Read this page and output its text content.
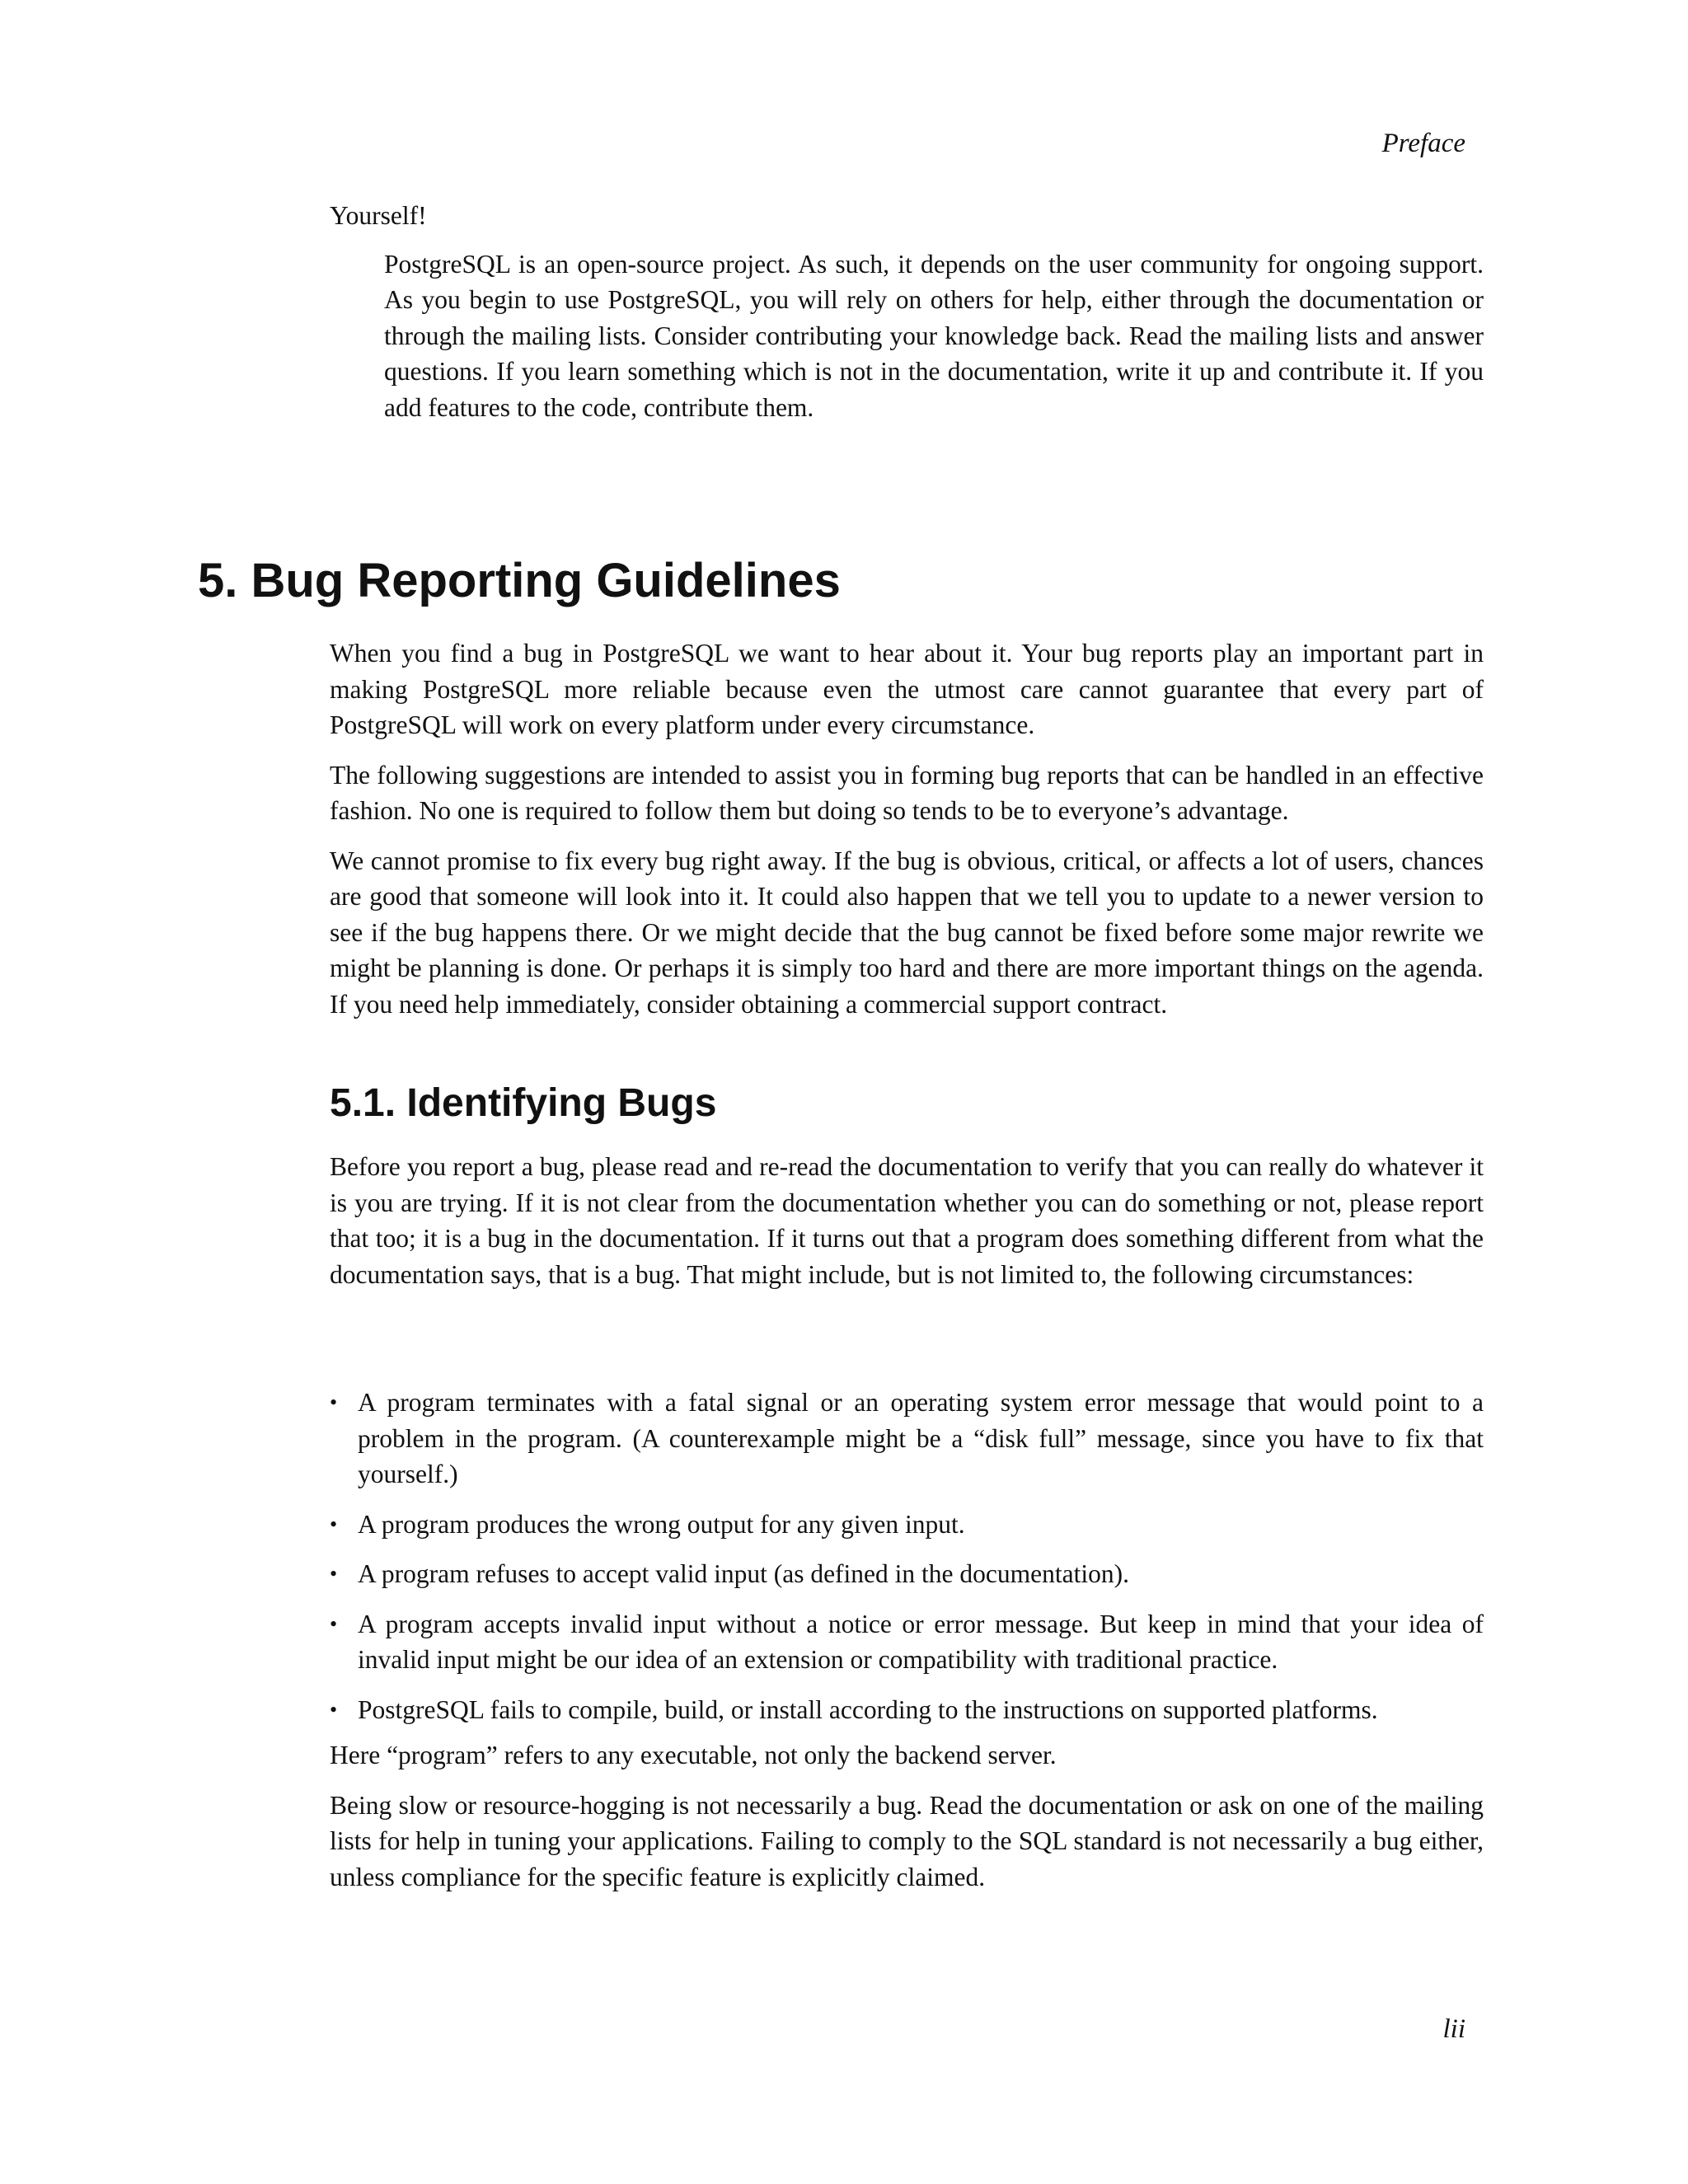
Preface

Yourself!

PostgreSQL is an open-source project. As such, it depends on the user community for ongoing support. As you begin to use PostgreSQL, you will rely on others for help, either through the documentation or through the mailing lists. Consider contributing your knowledge back. Read the mailing lists and answer questions. If you learn something which is not in the documentation, write it up and contribute it. If you add features to the code, contribute them.

5. Bug Reporting Guidelines

When you find a bug in PostgreSQL we want to hear about it. Your bug reports play an important part in making PostgreSQL more reliable because even the utmost care cannot guarantee that every part of PostgreSQL will work on every platform under every circumstance.

The following suggestions are intended to assist you in forming bug reports that can be handled in an effective fashion. No one is required to follow them but doing so tends to be to everyone’s advantage.

We cannot promise to fix every bug right away. If the bug is obvious, critical, or affects a lot of users, chances are good that someone will look into it. It could also happen that we tell you to update to a newer version to see if the bug happens there. Or we might decide that the bug cannot be fixed before some major rewrite we might be planning is done. Or perhaps it is simply too hard and there are more important things on the agenda. If you need help immediately, consider obtaining a commercial support contract.

5.1. Identifying Bugs

Before you report a bug, please read and re-read the documentation to verify that you can really do whatever it is you are trying. If it is not clear from the documentation whether you can do something or not, please report that too; it is a bug in the documentation. If it turns out that a program does something different from what the documentation says, that is a bug. That might include, but is not limited to, the following circumstances:

• A program terminates with a fatal signal or an operating system error message that would point to a problem in the program. (A counterexample might be a “disk full” message, since you have to fix that yourself.)
• A program produces the wrong output for any given input.
• A program refuses to accept valid input (as defined in the documentation).
• A program accepts invalid input without a notice or error message. But keep in mind that your idea of invalid input might be our idea of an extension or compatibility with traditional practice.
• PostgreSQL fails to compile, build, or install according to the instructions on supported platforms.

Here “program” refers to any executable, not only the backend server.

Being slow or resource-hogging is not necessarily a bug. Read the documentation or ask on one of the mailing lists for help in tuning your applications. Failing to comply to the SQL standard is not necessarily a bug either, unless compliance for the specific feature is explicitly claimed.

lii
